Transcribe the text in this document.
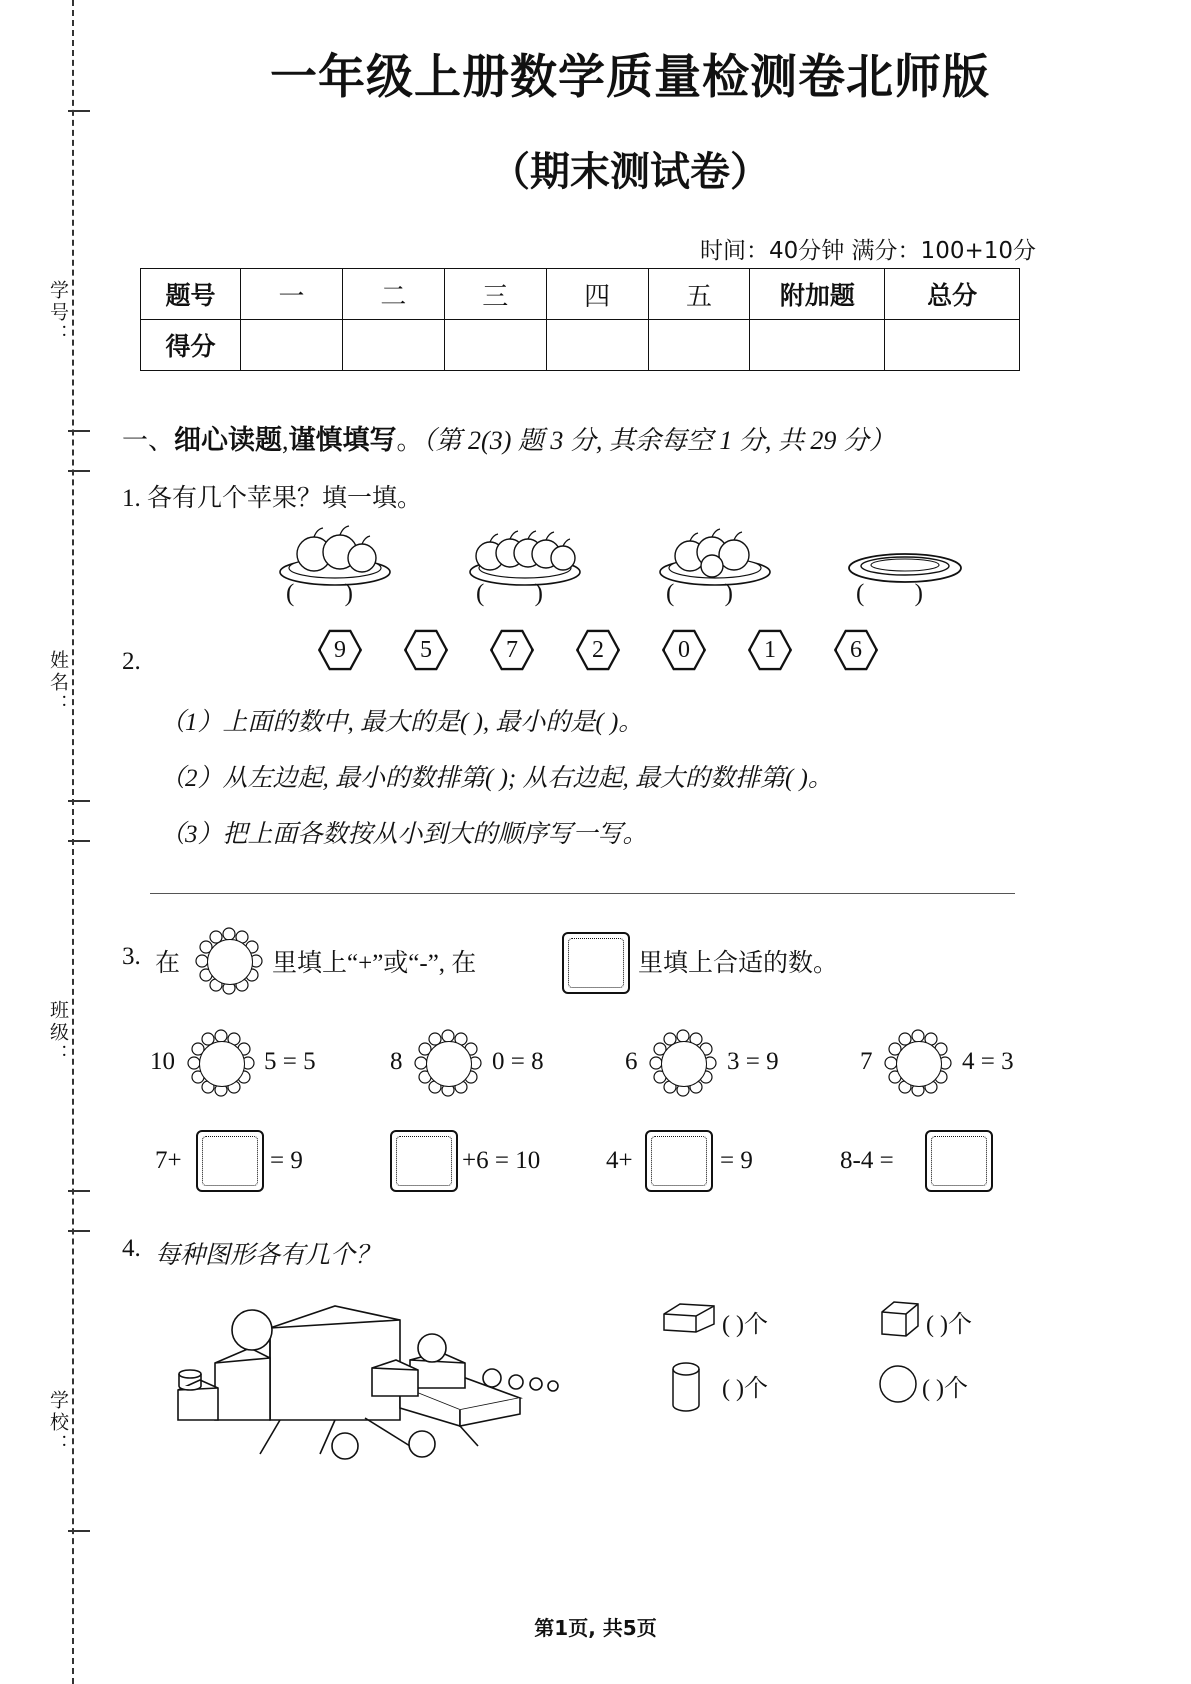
学号：
姓名：
班级：
学校：
一年级上册数学质量检测卷北师版
（期末测试卷）
时间：40分钟 满分：100+10分
题号	一	二	三	四	五	附加题	总分
得分							
一、细心读题,谨慎填写。（第 2(3) 题 3 分, 其余每空 1 分, 共 29 分）
1. 各有几个苹果？填一填。
( )	( )	( )	( )
2.	9	5	7	2	0	1	6
（1）上面的数中, 最大的是( ), 最小的是( )。
（2）从左边起, 最小的数排第( ); 从右边起, 最大的数排第( )。
（3）把上面各数按从小到大的顺序写一写。
3. 在	里填上“+”或“-”, 在	里填上合适的数。
10	5 = 5	8	0 = 8	6	3 = 9	7	4 = 3
7+	= 9	+6 = 10	4+	= 9	8-4 =
4. 每种图形各有几个？
( )个	( )个
( )个	( )个
第1页, 共5页
